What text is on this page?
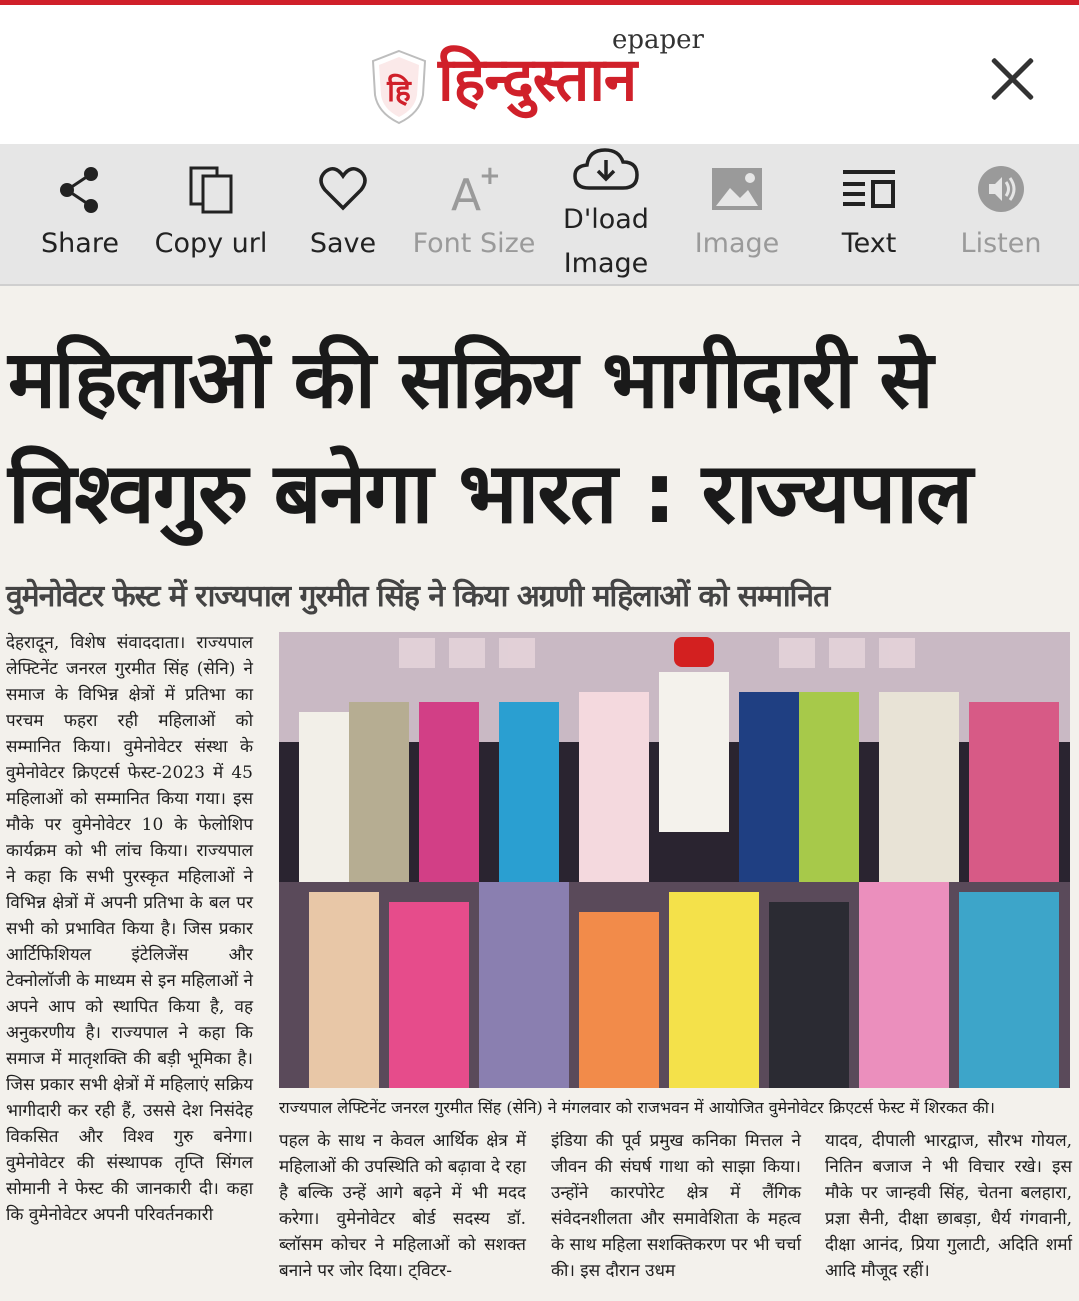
हि हिन्दुस्तान
epaper
Share	Copy url	Save
A
+
Font Size
D'load
Image
Image	Text	Listen
महिलाओं की सक्रिय भागीदारी से
विश्वगुरु बनेगा भारत : राज्यपाल
वुमेनोवेटर फेस्ट में राज्यपाल गुरमीत सिंह ने किया अग्रणी महिलाओं को सम्मानित

देहरादून, विशेष संवाददाता। राज्यपाल लेफ्टिनेंट जनरल गुरमीत सिंह (सेनि) ने समाज के विभिन्न क्षेत्रों में प्रतिभा का परचम फहरा रही महिलाओं को सम्मानित किया। वुमेनोवेटर संस्था के वुमेनोवेटर क्रिएटर्स फेस्ट-2023 में 45 महिलाओं को सम्मानित किया गया। इस मौके पर वुमेनोवेटर 10 के फेलोशिप कार्यक्रम को भी लांच किया। राज्यपाल ने कहा कि सभी पुरस्कृत महिलाओं ने विभिन्न क्षेत्रों में अपनी प्रतिभा के बल पर सभी को प्रभावित किया है। जिस प्रकार आर्टिफिशियल इंटेलिजेंस और टेक्नोलॉजी के माध्यम से इन महिलाओं ने अपने आप को स्थापित किया है, वह अनुकरणीय है। राज्यपाल ने कहा कि समाज में मातृशक्ति की बड़ी भूमिका है। जिस प्रकार सभी क्षेत्रों में महिलाएं सक्रिय भागीदारी कर रही हैं, उससे देश निसंदेह विकसित और विश्व गुरु बनेगा। वुमेनोवेटर की संस्थापक तृप्ति सिंगल सोमानी ने फेस्ट की जानकारी दी। कहा कि वुमेनोवेटर अपनी परिवर्तनकारी

राज्यपाल लेफ्टिनेंट जनरल गुरमीत सिंह (सेनि) ने मंगलवार को राजभवन में आयोजित वुमेनोवेटर क्रिएटर्स फेस्ट में शिरकत की।

पहल के साथ न केवल आर्थिक क्षेत्र में महिलाओं की उपस्थिति को बढ़ावा दे रहा है बल्कि उन्हें आगे बढ़ने में भी मदद करेगा। वुमेनोवेटर बोर्ड सदस्य डॉ. ब्लॉसम कोचर ने महिलाओं को सशक्त बनाने पर जोर दिया। ट्विटर-

इंडिया की पूर्व प्रमुख कनिका मित्तल ने जीवन की संघर्ष गाथा को साझा किया। उन्होंने कारपोरेट क्षेत्र में लैंगिक संवेदनशीलता और समावेशिता के महत्व के साथ महिला सशक्तिकरण पर भी चर्चा की। इस दौरान उधम

यादव, दीपाली भारद्वाज, सौरभ गोयल, नितिन बजाज ने भी विचार रखे। इस मौके पर जान्हवी सिंह, चेतना बलहारा, प्रज्ञा सैनी, दीक्षा छाबड़ा, धैर्य गंगवानी, दीक्षा आनंद, प्रिया गुलाटी, अदिति शर्मा आदि मौजूद रहीं।
